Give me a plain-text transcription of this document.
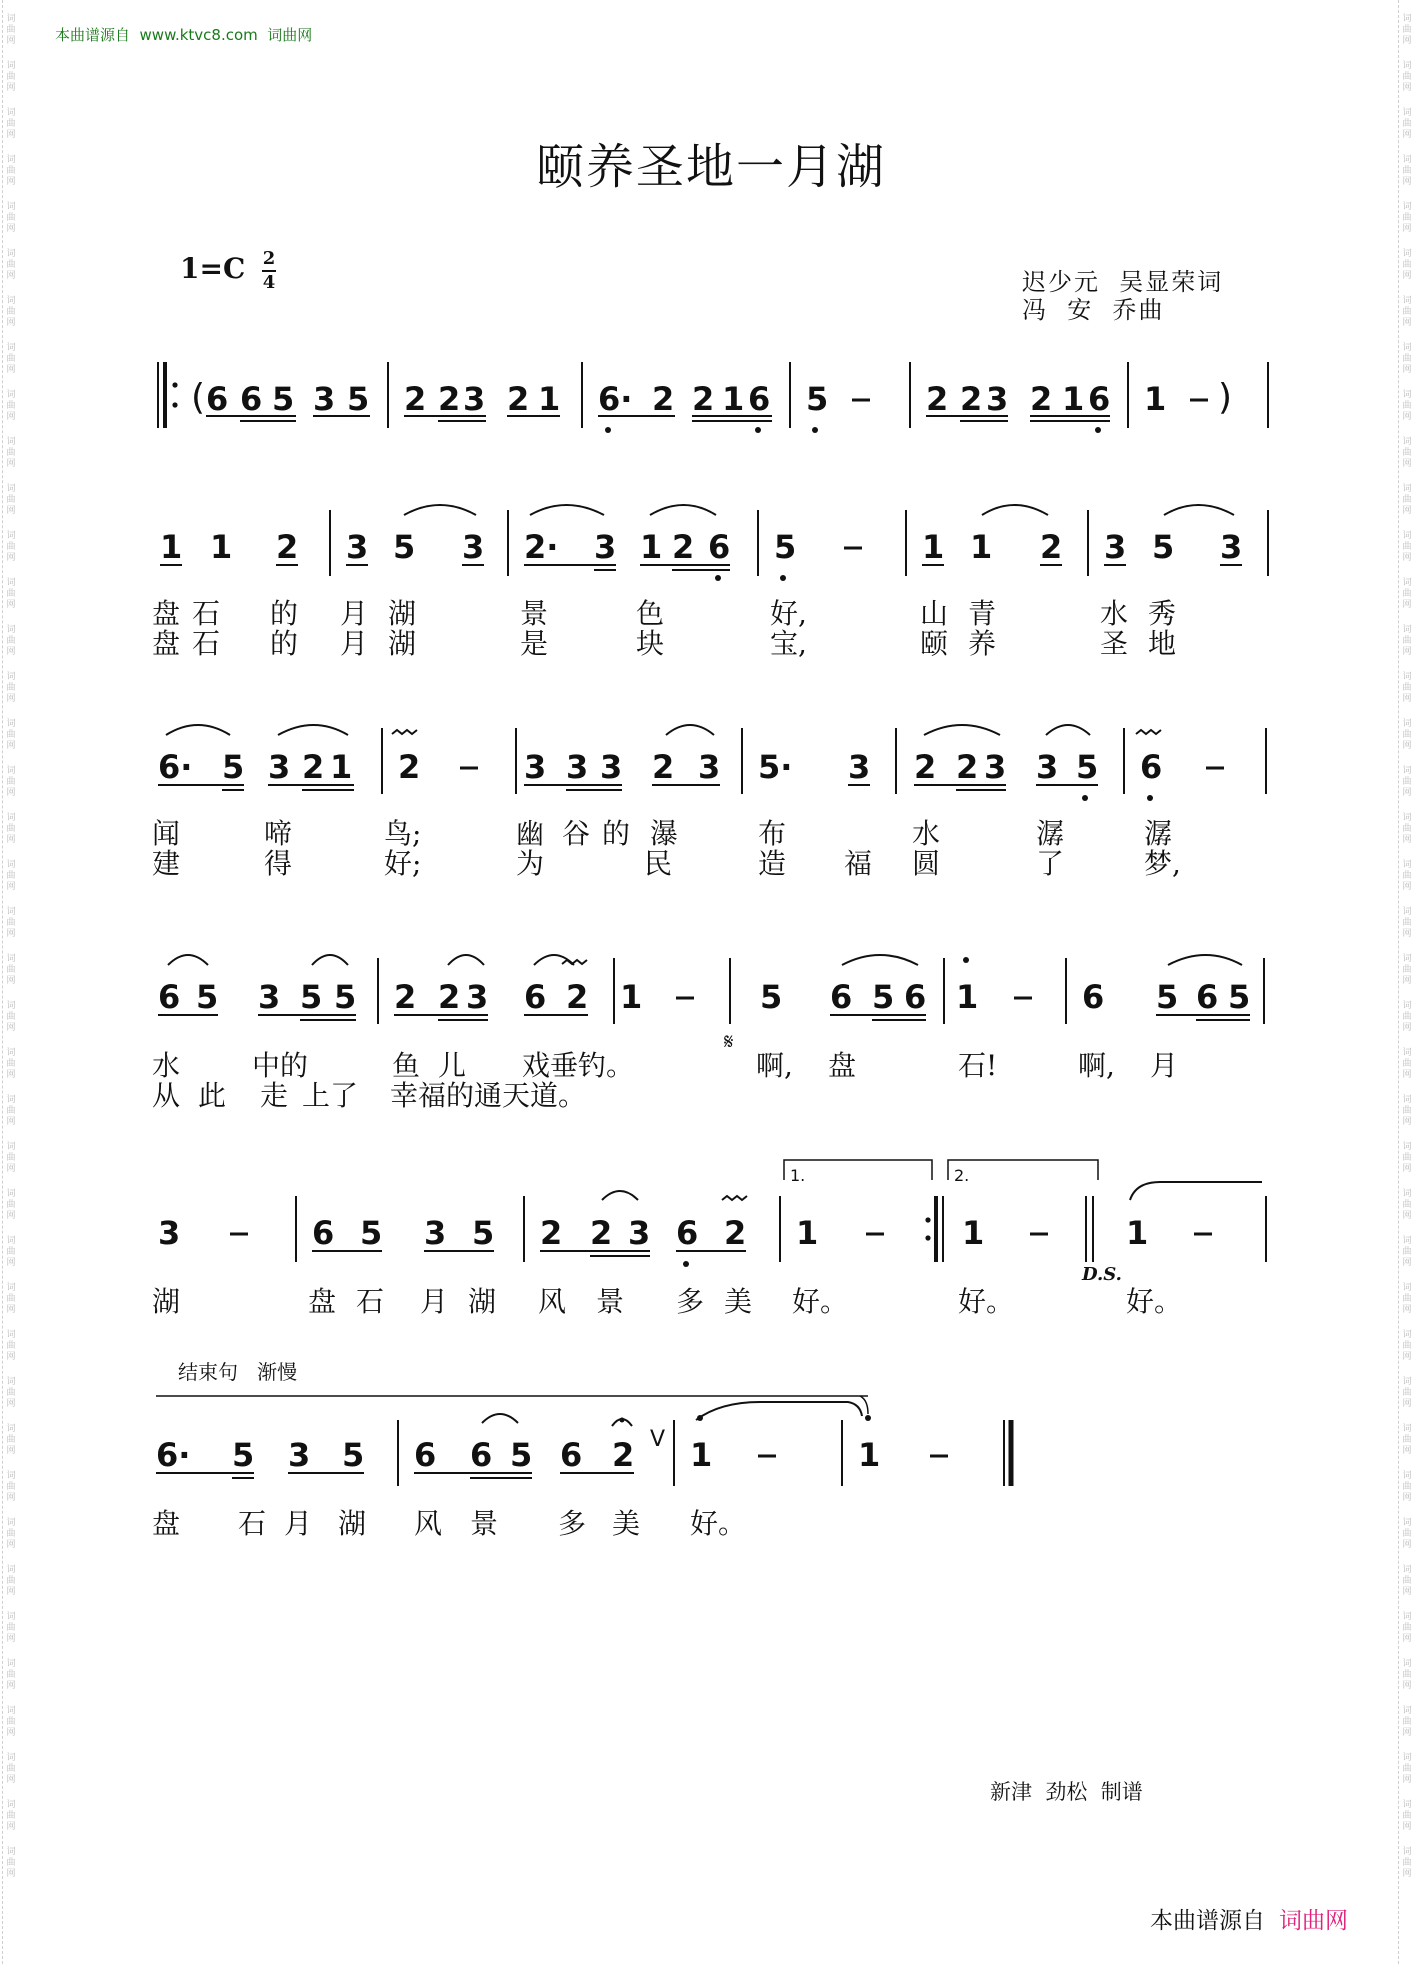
本曲谱源自  www.ktvc8.com  词曲网
词曲网
词曲网
词曲网
词曲网
词曲网
词曲网
词曲网
词曲网
词曲网
词曲网
词曲网
词曲网
词曲网
词曲网
词曲网
词曲网
词曲网
词曲网
词曲网
词曲网
词曲网
词曲网
词曲网
词曲网
词曲网
词曲网
词曲网
词曲网
词曲网
词曲网
词曲网
词曲网
词曲网
词曲网
词曲网
词曲网
词曲网
词曲网
词曲网
词曲网
词曲网
词曲网
词曲网
词曲网
词曲网
词曲网
词曲网
词曲网
词曲网
词曲网
词曲网
词曲网
词曲网
词曲网
词曲网
词曲网
词曲网
词曲网
词曲网
词曲网
词曲网
词曲网
词曲网
词曲网
词曲网
词曲网
词曲网
词曲网
词曲网
词曲网
词曲网
词曲网
词曲网
词曲网
词曲网
词曲网
词曲网
词曲网
词曲网
词曲网
颐养圣地一月湖
1=C 2
4	迟少元  吴显荣词
冯  安  乔曲
( 6 6 5 3 5 2 2 3 2 1 6· 2 2 1 6 5	2 2 3 2 1 6 1 )
1 1 2 3 5 3 2· 3 1 2 6 5	1 1 2 3 5 3
6· 5 3 2 1 2	3 3 3 2 3 5· 3 2 2 3 3 5 6
6 5 3 5 5 2 2 3 6 2 1	5 6 5 6 1	6 5 6 5
3	6 5 3 5 2 2 3 6 2 1	1	1
6· 5 3 5 6 6 5 6 2 V 1	1
盘 石 的 月 湖	景	色	好,	山 青	水 秀
盘 石 的 月 湖	是	块	宝,	颐 养	圣 地
闻	啼	鸟;	幽 谷 的 瀑	布	水	潺	潺
建	得	好;	为	民	造 福 圆	了	梦,
水	中的	鱼 儿 戏垂钓。	啊, 盘	石!	啊, 月
从 此 走 上了 幸福的通天道。
𝄋
湖	盘 石 月 湖 风 景 多 美 好。	好。	好。
1.	2.
D.S.
结束句   渐慢
盘 石 月 湖 风 景 多 美 好。
新津  劲松  制谱
本曲谱源自 词曲网
